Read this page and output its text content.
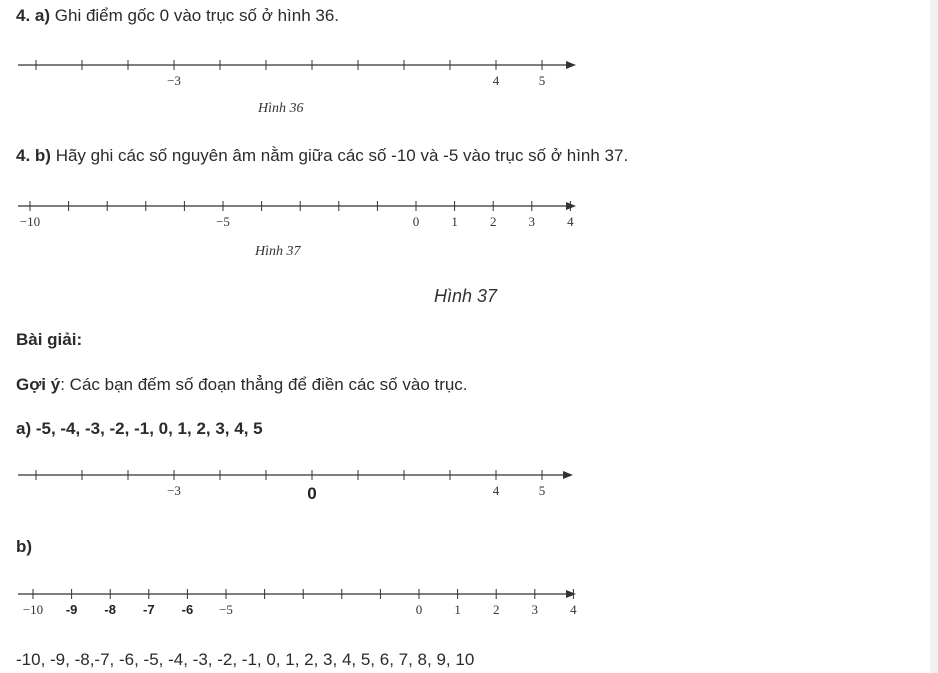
4. a) Ghi điểm gốc 0 vào trục số ở hình 36.
−3	4	5
Hình 36
4. b) Hãy ghi các số nguyên âm nằm giữa các số -10 và -5 vào trục số ở hình 37.
−10	−5	0 1 2 3 4
Hình 37
Hình 37
Bài giải:
Gợi ý: Các bạn đếm số đoạn thẳng để điền các số vào trục.
a) -5, -4, -3, -2, -1, 0, 1, 2, 3, 4, 5
−3	0	4	5
b)
−10 -9 -8 -7 -6 −5	0 1 2 3 4
-10, -9, -8,-7, -6, -5, -4, -3, -2, -1, 0, 1, 2, 3, 4, 5, 6, 7, 8, 9, 10
